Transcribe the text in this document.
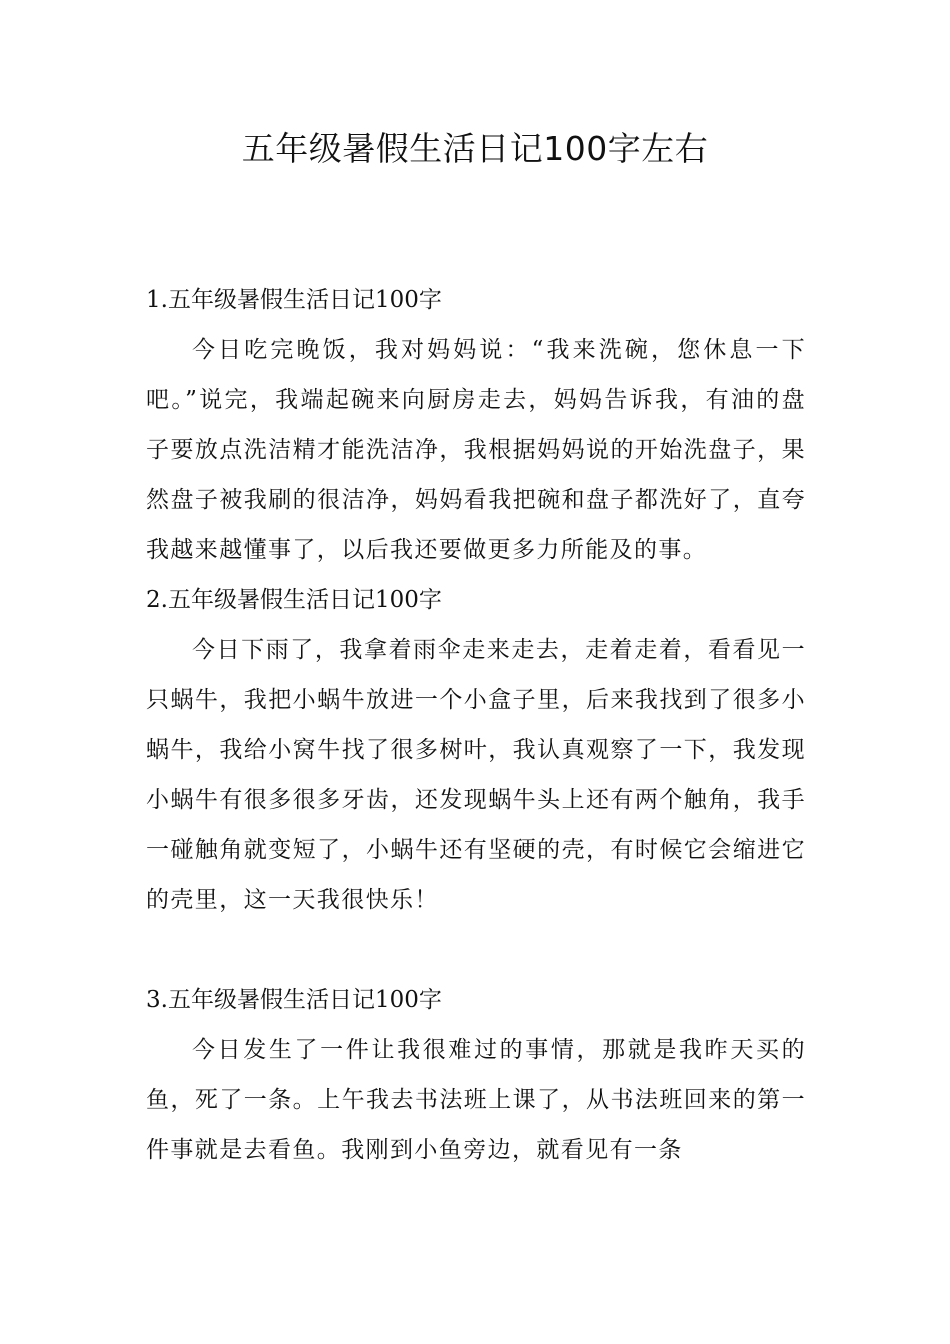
五年级暑假生活日记100字左右
1.五年级暑假生活日记100字

今日吃完晚饭，我对妈妈说：“我来洗碗，您休息一下吧。”说完，我端起碗来向厨房走去，妈妈告诉我，有油的盘子要放点洗洁精才能洗洁净，我根据妈妈说的开始洗盘子，果然盘子被我刷的很洁净，妈妈看我把碗和盘子都洗好了，直夸我越来越懂事了，以后我还要做更多力所能及的事。

2.五年级暑假生活日记100字

今日下雨了，我拿着雨伞走来走去，走着走着，看看见一只蜗牛，我把小蜗牛放进一个小盒子里，后来我找到了很多小蜗牛，我给小窝牛找了很多树叶，我认真观察了一下，我发现小蜗牛有很多很多牙齿，还发现蜗牛头上还有两个触角，我手一碰触角就变短了，小蜗牛还有坚硬的壳，有时候它会缩进它的壳里，这一天我很快乐！

3.五年级暑假生活日记100字

今日发生了一件让我很难过的事情，那就是我昨天买的鱼，死了一条。上午我去书法班上课了，从书法班回来的第一件事就是去看鱼。我刚到小鱼旁边，就看见有一条
